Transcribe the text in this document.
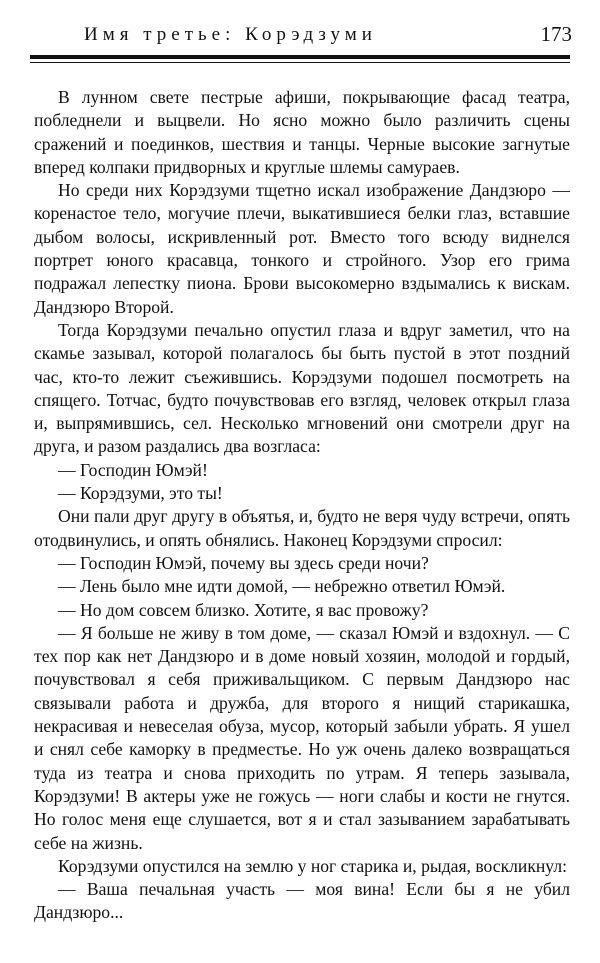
Имя третье: Корэдзуми	173

В лунном свете пестрые афиши, покрывающие фасад театра, побледнели и выцвели. Но ясно можно было различить сцены сражений и поединков, шествия и танцы. Черные высокие загнутые вперед колпаки придворных и круглые шлемы самураев.

Но среди них Корэдзуми тщетно искал изображение Дандзюро — коренастое тело, могучие плечи, выкатившиеся белки глаз, вставшие дыбом волосы, искривленный рот. Вместо того всюду виднелся портрет юного красавца, тонкого и стройного. Узор его грима подражал лепестку пиона. Брови высокомерно вздымались к вискам. Дандзюро Второй.

Тогда Корэдзуми печально опустил глаза и вдруг заметил, что на скамье зазывал, которой полагалось бы быть пустой в этот поздний час, кто-то лежит съежившись. Корэдзуми подошел посмотреть на спящего. Тотчас, будто почувствовав его взгляд, человек открыл глаза и, выпрямившись, сел. Несколько мгновений они смотрели друг на друга, и разом раздались два возгласа:

— Господин Юмэй!

— Корэдзуми, это ты!

Они пали друг другу в объятья, и, будто не веря чуду встречи, опять отодвинулись, и опять обнялись. Наконец Корэдзуми спросил:

— Господин Юмэй, почему вы здесь среди ночи?

— Лень было мне идти домой, — небрежно ответил Юмэй.

— Но дом совсем близко. Хотите, я вас провожу?

— Я больше не живу в том доме, — сказал Юмэй и вздохнул. — С тех пор как нет Дандзюро и в доме новый хозяин, молодой и гордый, почувствовал я себя приживальщиком. С первым Дандзюро нас связывали работа и дружба, для второго я нищий старикашка, некрасивая и невеселая обуза, мусор, который забыли убрать. Я ушел и снял себе каморку в предместье. Но уж очень далеко возвращаться туда из театра и снова приходить по утрам. Я теперь зазывала, Корэдзуми! В актеры уже не гожусь — ноги слабы и кости не гнутся. Но голос меня еще слушается, вот я и стал зазыванием зарабатывать себе на жизнь.

Корэдзуми опустился на землю у ног старика и, рыдая, воскликнул:

— Ваша печальная участь — моя вина! Если бы я не убил Дандзюро...
